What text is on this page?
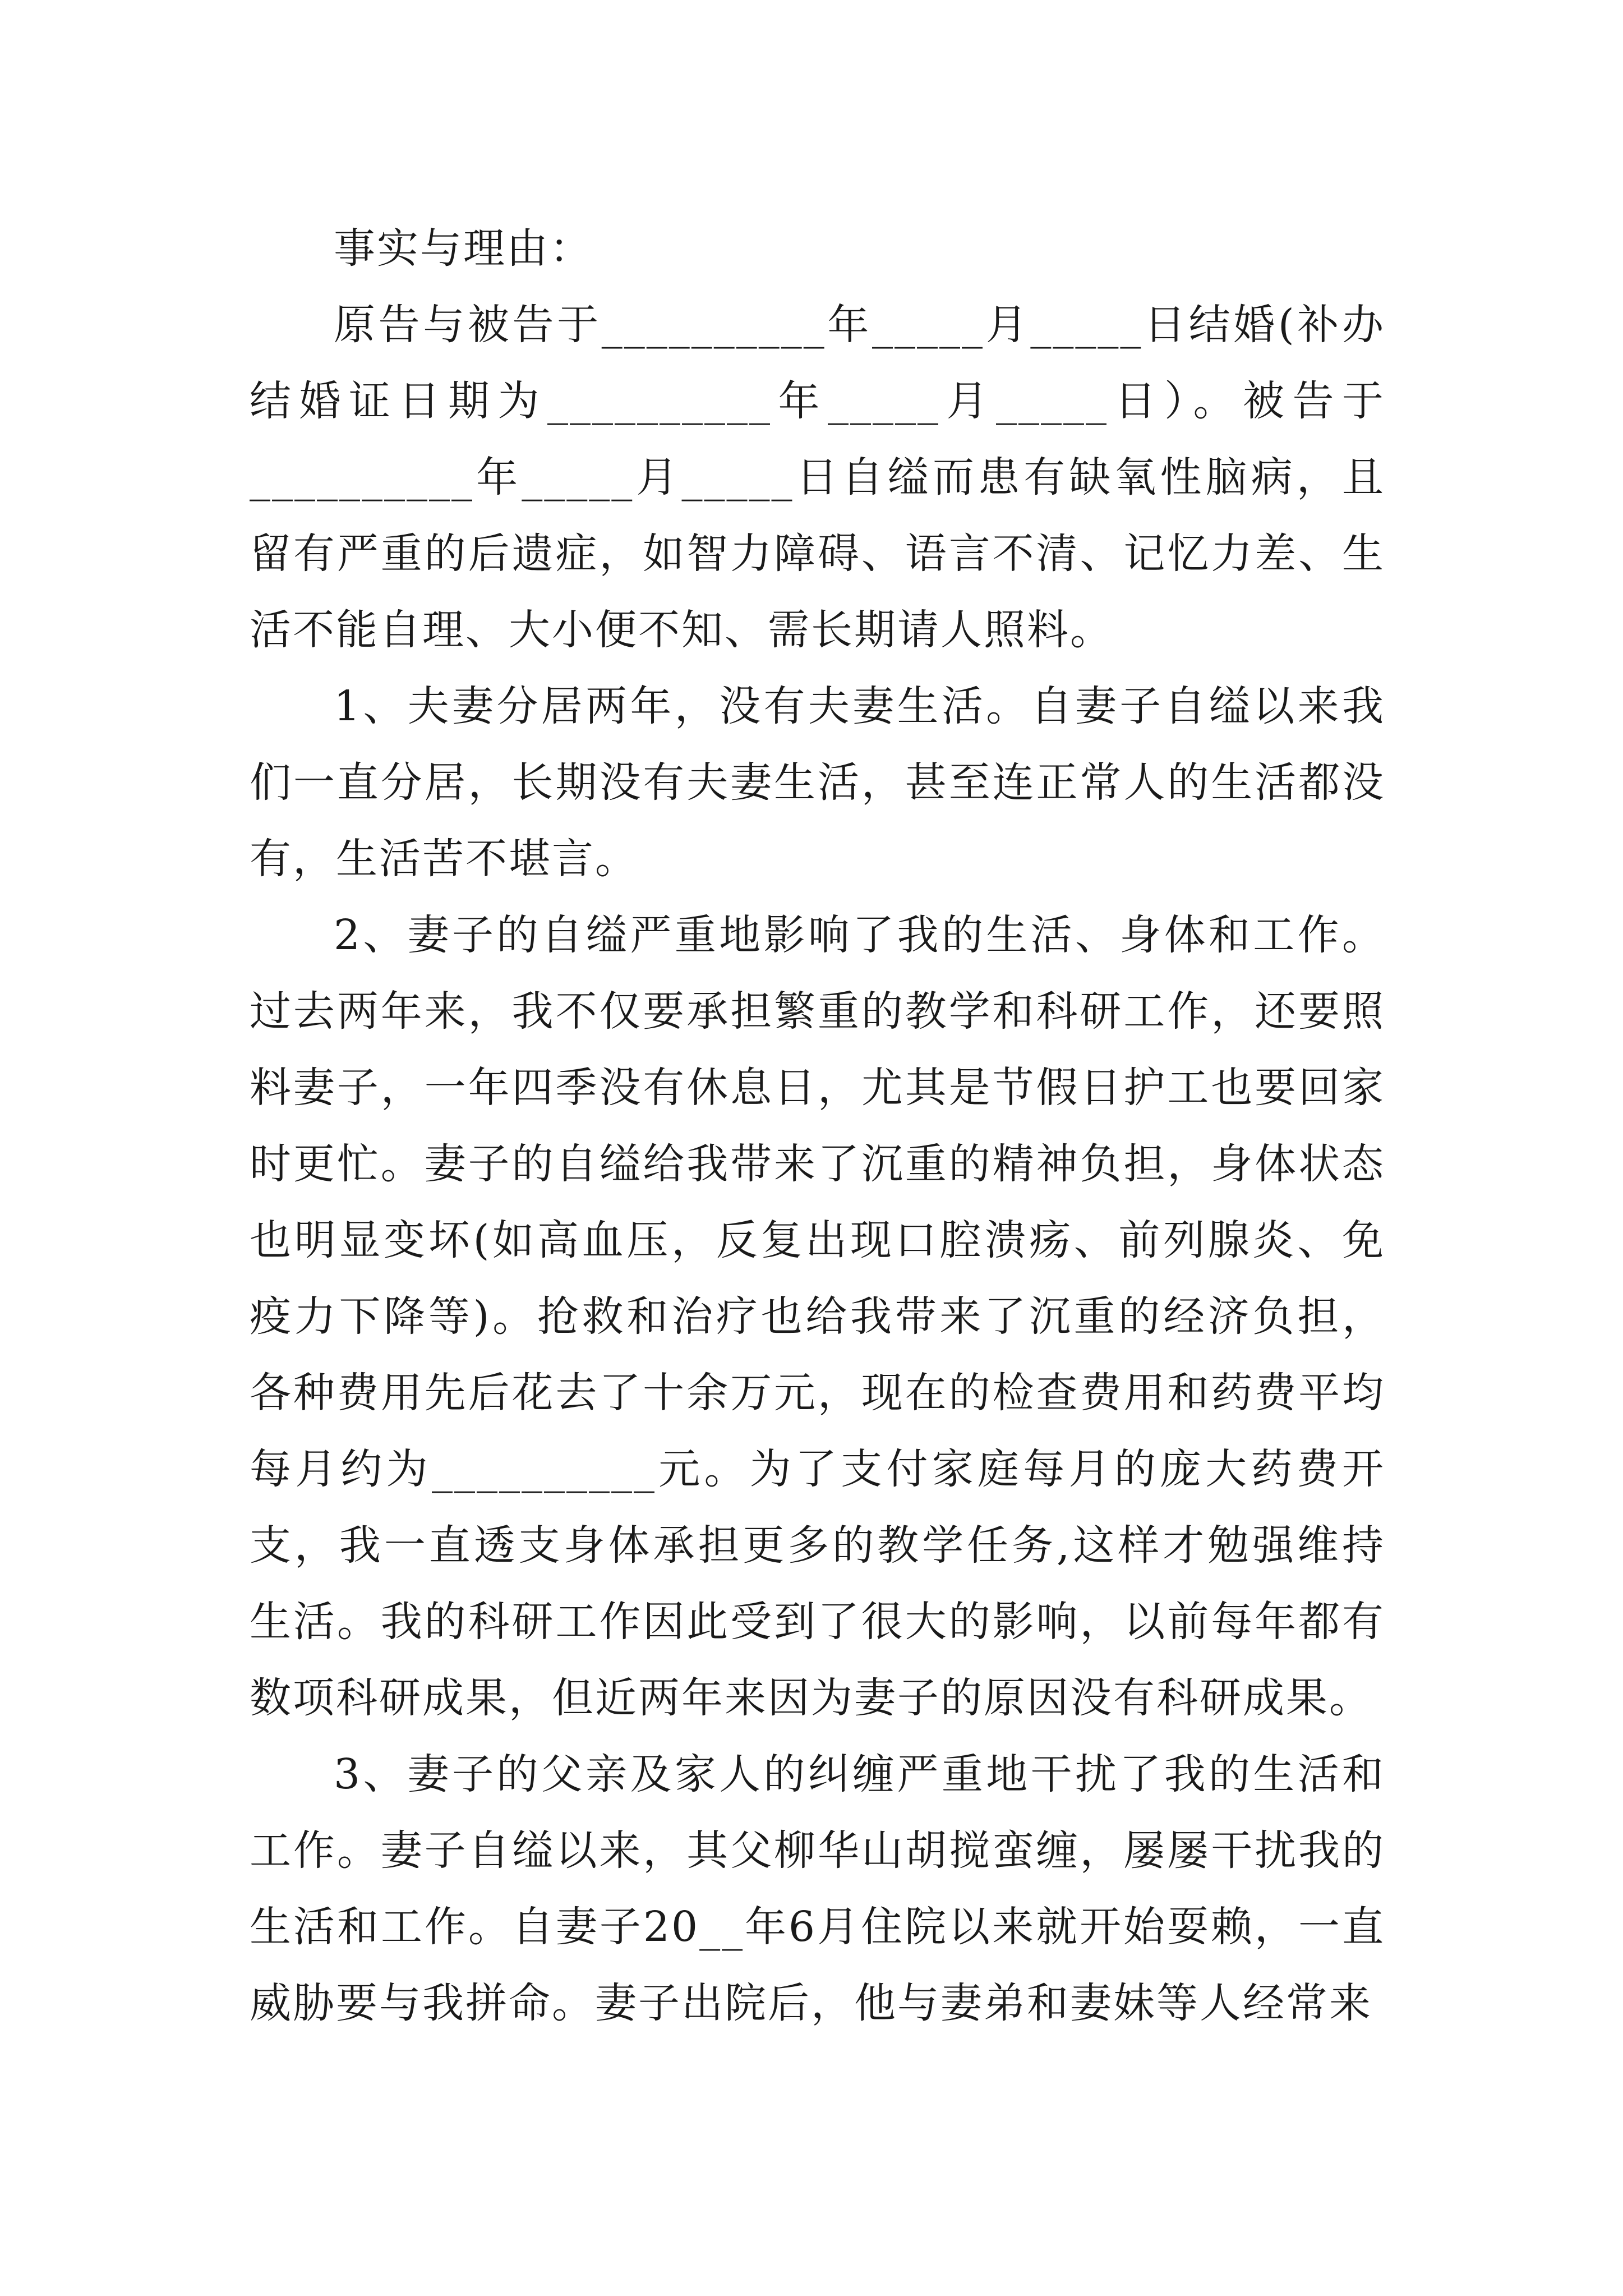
事实与理由：

原告与被告于__________年_____月_____日结婚(补办结婚证日期为__________年_____月_____日）。被告于__________年_____月_____日自缢而患有缺氧性脑病，且留有严重的后遗症，如智力障碍、语言不清、记忆力差、生活不能自理、大小便不知、需长期请人照料。

1、夫妻分居两年，没有夫妻生活。自妻子自缢以来我们一直分居，长期没有夫妻生活，甚至连正常人的生活都没有，生活苦不堪言。

2、妻子的自缢严重地影响了我的生活、身体和工作。过去两年来，我不仅要承担繁重的教学和科研工作，还要照料妻子，一年四季没有休息日，尤其是节假日护工也要回家时更忙。妻子的自缢给我带来了沉重的精神负担，身体状态也明显变坏(如高血压，反复出现口腔溃疡、前列腺炎、免疫力下降等)。抢救和治疗也给我带来了沉重的经济负担，各种费用先后花去了十余万元，现在的检查费用和药费平均每月约为__________元。为了支付家庭每月的庞大药费开支，我一直透支身体承担更多的教学任务,这样才勉强维持生活。我的科研工作因此受到了很大的影响，以前每年都有数项科研成果，但近两年来因为妻子的原因没有科研成果。

3、妻子的父亲及家人的纠缠严重地干扰了我的生活和工作。妻子自缢以来，其父柳华山胡搅蛮缠，屡屡干扰我的生活和工作。自妻子20__年6月住院以来就开始耍赖，一直威胁要与我拼命。妻子出院后，他与妻弟和妻妹等人经常来
